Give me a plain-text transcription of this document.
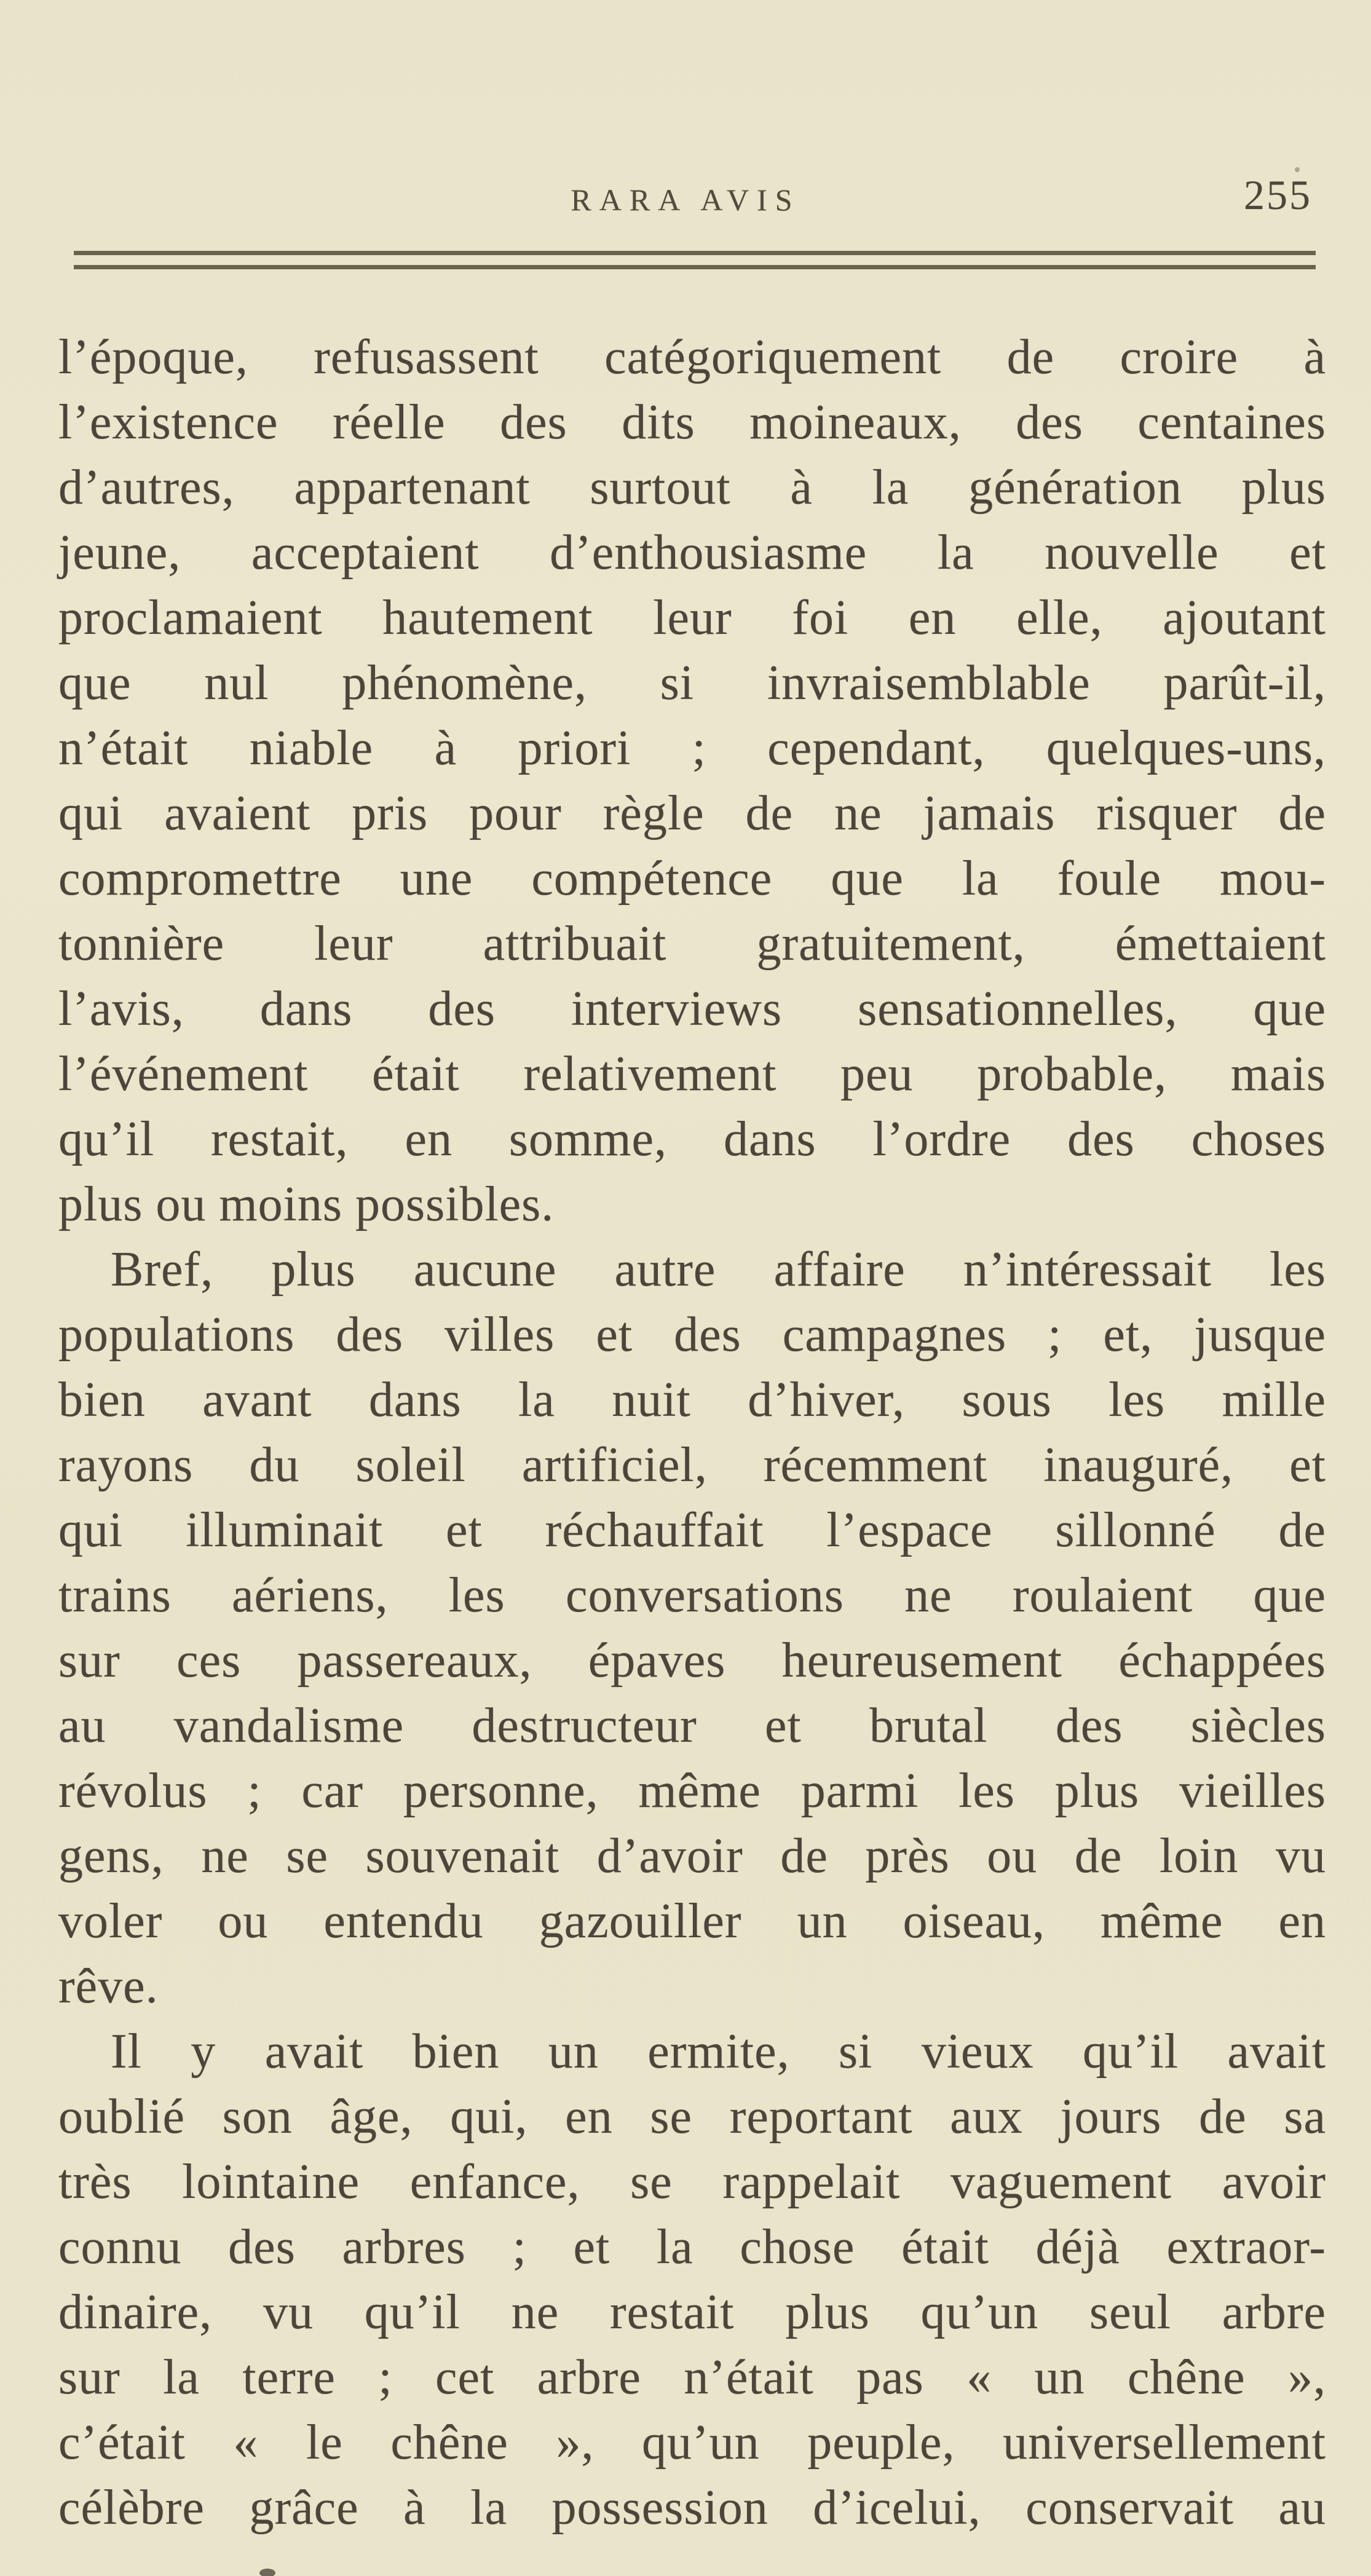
RARA AVIS	255
l’époque, refusassent catégoriquement de croire à
l’existence réelle des dits moineaux, des centaines
d’autres, appartenant surtout à la génération plus
jeune, acceptaient d’enthousiasme la nouvelle et
proclamaient hautement leur foi en elle, ajoutant
que nul phénomène, si invraisemblable parût-il,
n’était niable à priori ; cependant, quelques-uns,
qui avaient pris pour règle de ne jamais risquer de
compromettre une compétence que la foule mou-
tonnière leur attribuait gratuitement, émettaient
l’avis, dans des interviews sensationnelles, que
l’événement était relativement peu probable, mais
qu’il restait, en somme, dans l’ordre des choses
plus ou moins possibles.
Bref, plus aucune autre affaire n’intéressait les
populations des villes et des campagnes ; et, jusque
bien avant dans la nuit d’hiver, sous les mille
rayons du soleil artificiel, récemment inauguré, et
qui illuminait et réchauffait l’espace sillonné de
trains aériens, les conversations ne roulaient que
sur ces passereaux, épaves heureusement échappées
au vandalisme destructeur et brutal des siècles
révolus ; car personne, même parmi les plus vieilles
gens, ne se souvenait d’avoir de près ou de loin vu
voler ou entendu gazouiller un oiseau, même en
rêve.
Il y avait bien un ermite, si vieux qu’il avait
oublié son âge, qui, en se reportant aux jours de sa
très lointaine enfance, se rappelait vaguement avoir
connu des arbres ; et la chose était déjà extraor-
dinaire, vu qu’il ne restait plus qu’un seul arbre
sur la terre ; cet arbre n’était pas « un chêne »,
c’était « le chêne », qu’un peuple, universellement
célèbre grâce à la possession d’icelui, conservait au
